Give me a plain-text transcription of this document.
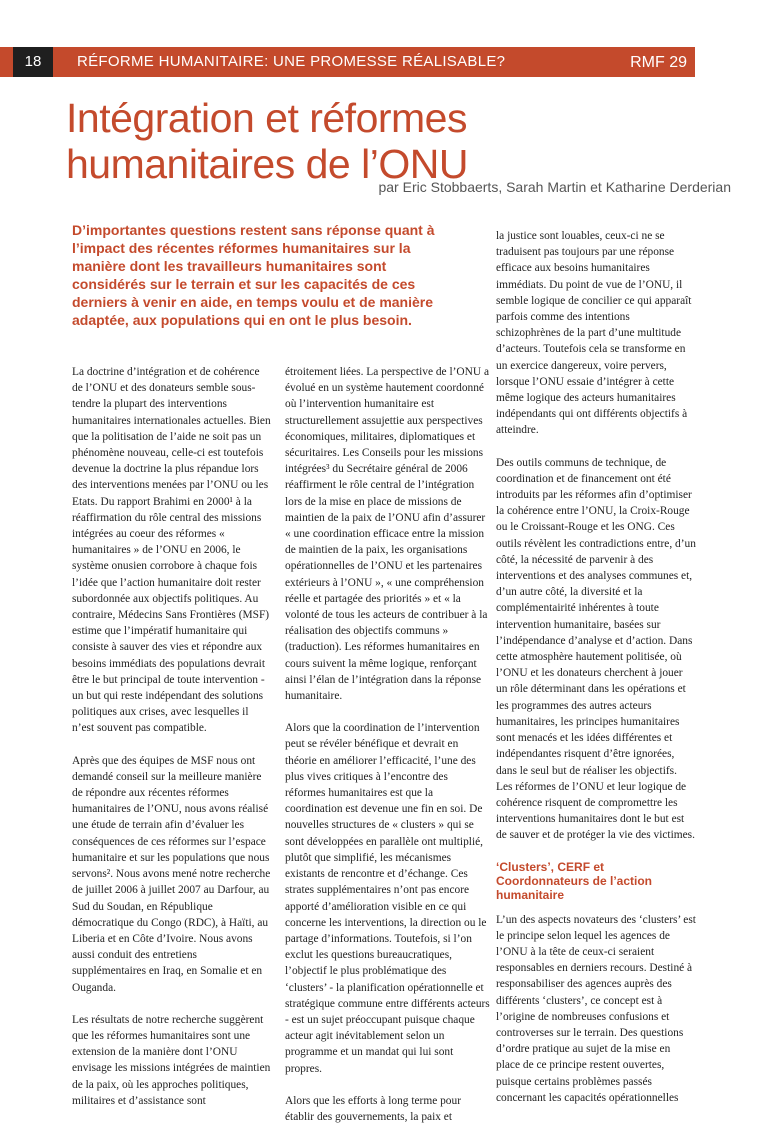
18	RÉFORME HUMANITAIRE: UNE PROMESSE RÉALISABLE?	RMF 29
Intégration et réformes
humanitaires de l’ONU
par Eric Stobbaerts, Sarah Martin et Katharine Derderian
D’importantes questions restent sans réponse quant à l’impact des récentes réformes humanitaires sur la manière dont les travailleurs humanitaires sont considérés sur le terrain et sur les capacités de ces derniers à venir en aide, en temps voulu et de manière adaptée, aux populations qui en ont le plus besoin.

La doctrine d’intégration et de cohérence de l’ONU et des donateurs semble sous-tendre la plupart des interventions humanitaires internationales actuelles. Bien que la politisation de l’aide ne soit pas un phénomène nouveau, celle-ci est toutefois devenue la doctrine la plus répandue lors des interventions menées par l’ONU ou les Etats. Du rapport Brahimi en 2000¹ à la réaffirmation du rôle central des missions intégrées au coeur des réformes « humanitaires » de l’ONU en 2006, le système onusien corrobore à chaque fois l’idée que l’action humanitaire doit rester subordonnée aux objectifs politiques. Au contraire, Médecins Sans Frontières (MSF) estime que l’impératif humanitaire qui consiste à sauver des vies et répondre aux besoins immédiats des populations devrait être le but principal de toute intervention - un but qui reste indépendant des solutions politiques aux crises, avec lesquelles il n’est souvent pas compatible.

Après que des équipes de MSF nous ont demandé conseil sur la meilleure manière de répondre aux récentes réformes humanitaires de l’ONU, nous avons réalisé une étude de terrain afin d’évaluer les conséquences de ces réformes sur l’espace humanitaire et sur les populations que nous servons². Nous avons mené notre recherche de juillet 2006 à juillet 2007 au Darfour, au Sud du Soudan, en République démocratique du Congo (RDC), à Haïti, au Liberia et en Côte d’Ivoire. Nous avons aussi conduit des entretiens supplémentaires en Iraq, en Somalie et en Ouganda.

Les résultats de notre recherche suggèrent que les réformes humanitaires sont une extension de la manière dont l’ONU envisage les missions intégrées de maintien de la paix, où les approches politiques, militaires et d’assistance sont

étroitement liées. La perspective de l’ONU a évolué en un système hautement coordonné où l’intervention humanitaire est structurellement assujettie aux perspectives économiques, militaires, diplomatiques et sécuritaires. Les Conseils pour les missions intégrées³ du Secrétaire général de 2006 réaffirment le rôle central de l’intégration lors de la mise en place de missions de maintien de la paix de l’ONU afin d’assurer « une coordination efficace entre la mission de maintien de la paix, les organisations opérationnelles de l’ONU et les partenaires extérieurs à l’ONU », « une compréhension réelle et partagée des priorités » et « la volonté de tous les acteurs de contribuer à la réalisation des objectifs communs » (traduction). Les réformes humanitaires en cours suivent la même logique, renforçant ainsi l’élan de l’intégration dans la réponse humanitaire.

Alors que la coordination de l’intervention peut se révéler bénéfique et devrait en théorie en améliorer l’efficacité, l’une des plus vives critiques à l’encontre des réformes humanitaires est que la coordination est devenue une fin en soi. De nouvelles structures de « clusters » qui se sont développées en parallèle ont multiplié, plutôt que simplifié, les mécanismes existants de rencontre et d’échange. Ces strates supplémentaires n’ont pas encore apporté d’amélioration visible en ce qui concerne les interventions, la direction ou le partage d’informations. Toutefois, si l’on exclut les questions bureaucratiques, l’objectif le plus problématique des ‘clusters’ - la planification opérationnelle et stratégique commune entre différents acteurs - est un sujet préoccupant puisque chaque acteur agit inévitablement selon un programme et un mandat qui lui sont propres.

Alors que les efforts à long terme pour établir des gouvernements, la paix et

la justice sont louables, ceux-ci ne se traduisent pas toujours par une réponse efficace aux besoins humanitaires immédiats. Du point de vue de l’ONU, il semble logique de concilier ce qui apparaît parfois comme des intentions schizophrènes de la part d’une multitude d’acteurs. Toutefois cela se transforme en un exercice dangereux, voire pervers, lorsque l’ONU essaie d’intégrer à cette même logique des acteurs humanitaires indépendants qui ont différents objectifs à atteindre.

Des outils communs de technique, de coordination et de financement ont été introduits par les réformes afin d’optimiser la cohérence entre l’ONU, la Croix-Rouge ou le Croissant-Rouge et les ONG. Ces outils révèlent les contradictions entre, d’un côté, la nécessité de parvenir à des interventions et des analyses communes et, d’un autre côté, la diversité et la complémentairité inhérentes à toute intervention humanitaire, basées sur l’indépendance d’analyse et d’action. Dans cette atmosphère hautement politisée, où l’ONU et les donateurs cherchent à jouer un rôle déterminant dans les opérations et les programmes des autres acteurs humanitaires, les principes humanitaires sont menacés et les idées différentes et indépendantes risquent d’être ignorées, dans le seul but de réaliser les objectifs. Les réformes de l’ONU et leur logique de cohérence risquent de compromettre les interventions humanitaires dont le but est de sauver et de protéger la vie des victimes.

‘Clusters’, CERF et Coordonnateurs de l’action humanitaire

L’un des aspects novateurs des ‘clusters’ est le principe selon lequel les agences de l’ONU à la tête de ceux-ci seraient responsables en derniers recours. Destiné à responsabiliser des agences auprès des différents ‘clusters’, ce concept est à l’origine de nombreuses confusions et controverses sur le terrain. Des questions d’ordre pratique au sujet de la mise en place de ce principe restent ouvertes, puisque certains problèmes passés concernant les capacités opérationnelles
